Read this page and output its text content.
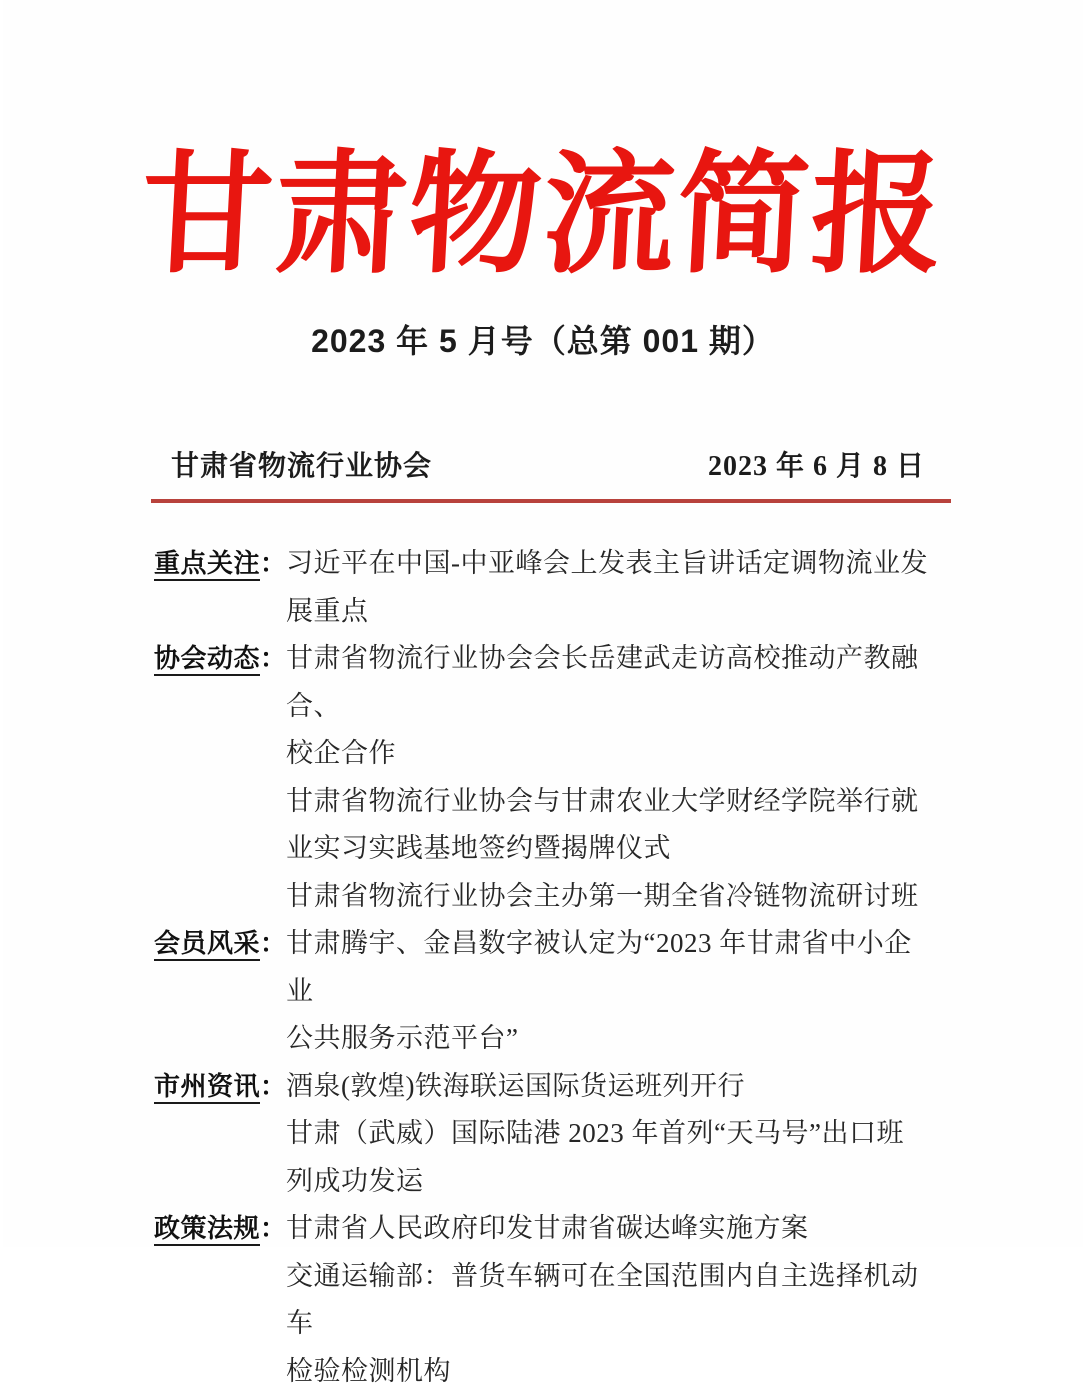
甘肃物流简报
2023 年 5 月号（总第 001 期）
甘肃省物流行业协会	2023 年 6 月 8 日
重点关注： 习近平在中国-中亚峰会上发表主旨讲话定调物流业发
展重点
协会动态： 甘肃省物流行业协会会长岳建武走访高校推动产教融合、
校企合作
甘肃省物流行业协会与甘肃农业大学财经学院举行就
业实习实践基地签约暨揭牌仪式
甘肃省物流行业协会主办第一期全省冷链物流研讨班
会员风采： 甘肃腾宇、金昌数字被认定为“2023 年甘肃省中小企业
公共服务示范平台”
市州资讯： 酒泉(敦煌)铁海联运国际货运班列开行
甘肃（武威）国际陆港 2023 年首列“天马号”出口班
列成功发运
政策法规： 甘肃省人民政府印发甘肃省碳达峰实施方案
交通运输部：普货车辆可在全国范围内自主选择机动车
检验检测机构
